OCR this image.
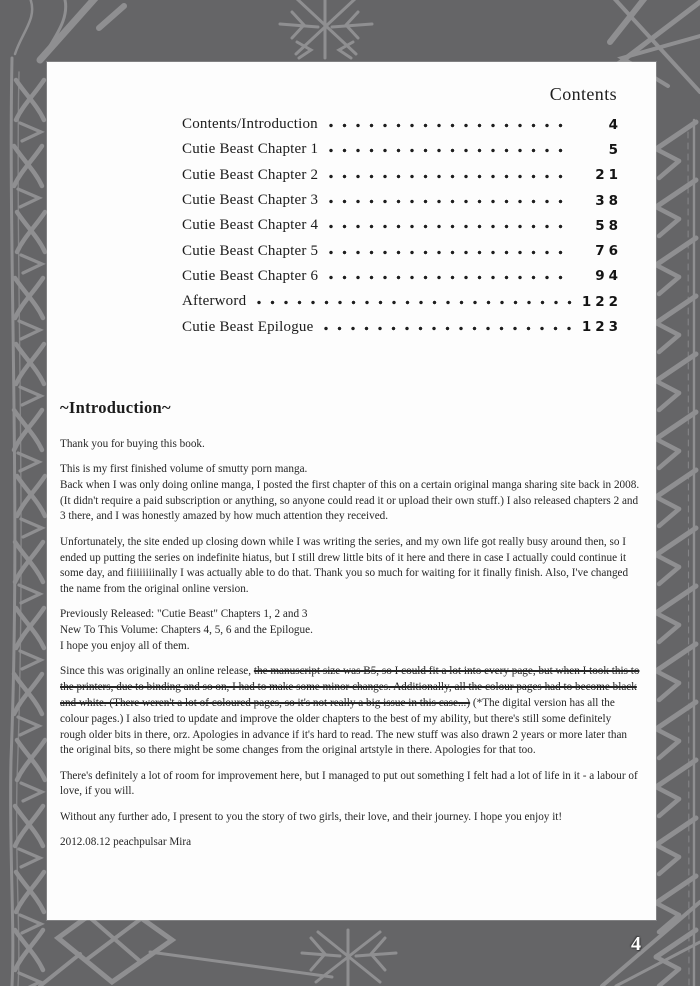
Contents
Contents/Introduction	4
Cutie Beast Chapter 1	5
Cutie Beast Chapter 2	21
Cutie Beast Chapter 3	38
Cutie Beast Chapter 4	58
Cutie Beast Chapter 5	76
Cutie Beast Chapter 6	94
Afterword	122
Cutie Beast Epilogue	123
~Introduction~

Thank you for buying this book.

This is my first finished volume of smutty porn manga.
Back when I was only doing online manga, I posted the first chapter of this on a certain original manga sharing site back in 2008. (It didn't require a paid subscription or anything, so anyone could read it or upload their own stuff.) I also released chapters 2 and 3 there, and I was honestly amazed by how much attention they received.

Unfortunately, the site ended up closing down while I was writing the series, and my own life got really busy around then, so I ended up putting the series on indefinite hiatus, but I still drew little bits of it here and there in case I actually could continue it some day, and fiiiiiiiinally I was actually able to do that. Thank you so much for waiting for it finally finish. Also, I've changed the name from the original online version.

Previously Released: "Cutie Beast" Chapters 1, 2 and 3
New To This Volume: Chapters 4, 5, 6 and the Epilogue.
I hope you enjoy all of them.

Since this was originally an online release, the manuscript size was B5, so I could fit a lot into every page, but when I took this to the printers, due to binding and so on, I had to make some minor changes. Additionally, all the colour pages had to become black and white. (There weren't a lot of coloured pages, so it's not really a big issue in this case...) (*The digital version has all the colour pages.) I also tried to update and improve the older chapters to the best of my ability, but there's still some definitely rough older bits in there, orz. Apologies in advance if it's hard to read. The new stuff was also drawn 2 years or more later than the original bits, so there might be some changes from the original artstyle in there. Apologies for that too.

There's definitely a lot of room for improvement here, but I managed to put out something I felt had a lot of life in it - a labour of love, if you will.

Without any further ado, I present to you the story of two girls, their love, and their journey. I hope you enjoy it!

2012.08.12 peachpulsar Mira

4
